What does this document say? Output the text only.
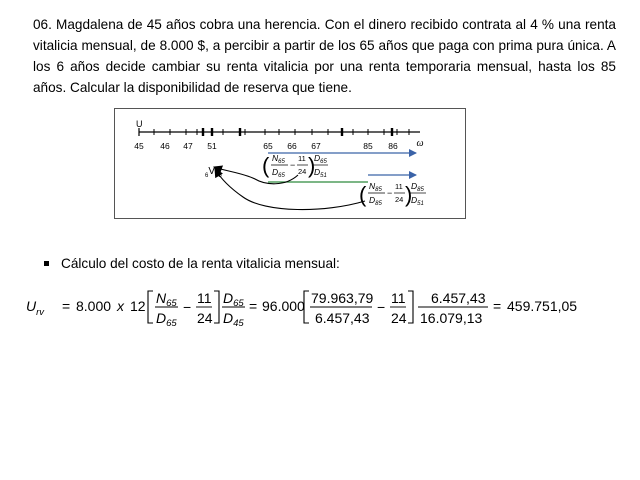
06. Magdalena de 45 años cobra una herencia. Con el dinero recibido contrata al 4 % una renta vitalicia mensual, de 8.000 $, a percibir a partir de los 65 años que paga con prima pura única. A los 6 años decide cambiar su renta vitalicia por una renta temporaria mensual, hasta los 85 años. Calcular la disponibilidad de reserva que tiene.
U
45 46 47 51	65 66 67	85 86 ω
$_6V_{45}$ ( $N_{65}$
$D_{65}$
−
11
24 )
$D_{65}$
$D_{51}$
( $N_{85}$
$D_{85}$
−
11
24 )
$D_{85}$
$D_{51}$
Cálculo del costo de la renta vitalicia mensual:
$U_{rv} = 8.000$ x 12 $N_{65}$
$D_{65}$
−
11
24
$D_{65}$
$D_{45}$
= 96.000 79.963,79
6.457,43
−
11
24
6.457,43
16.079,13
= 459.751,05
